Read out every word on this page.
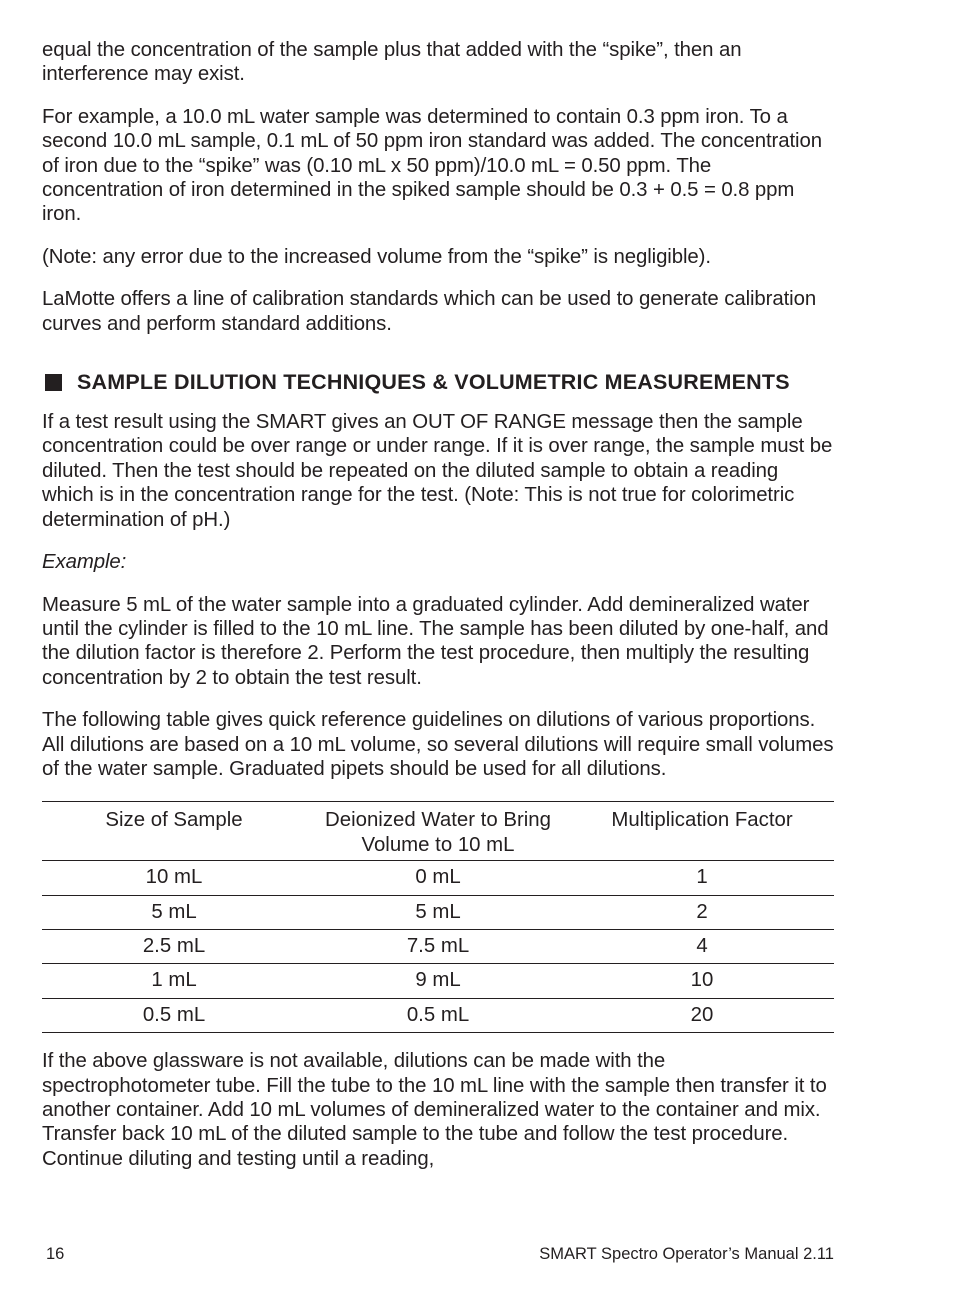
equal the concentration of the sample plus that added with the “spike”, then an interference may exist.

For example, a 10.0 mL water sample was determined to contain 0.3 ppm iron. To a second 10.0 mL sample, 0.1 mL of 50 ppm iron standard was added. The concentration of iron due to the “spike” was (0.10 mL x 50 ppm)/10.0 mL = 0.50 ppm. The concentration of iron determined in the spiked sample should be 0.3 + 0.5 = 0.8 ppm iron.

(Note: any error due to the increased volume from the “spike” is negligible).

LaMotte offers a line of calibration standards which can be used to generate calibration curves and perform standard additions.

SAMPLE DILUTION TECHNIQUES & VOLUMETRIC MEASUREMENTS

If a test result using the SMART gives an OUT OF RANGE message then the sample concentration could be over range or under range. If it is over range, the sample must be diluted. Then the test should be repeated on the diluted sample to obtain a reading which is in the concentration range for the test. (Note: This is not true for colorimetric determination of pH.)

Example:

Measure 5 mL of the water sample into a graduated cylinder. Add demineralized water until the cylinder is filled to the 10 mL line. The sample has been diluted by one-half, and the dilution factor is therefore 2. Perform the test procedure, then multiply the resulting concentration by 2 to obtain the test result.

The following table gives quick reference guidelines on dilutions of various proportions. All dilutions are based on a 10 mL volume, so several dilutions will require small volumes of the water sample. Graduated pipets should be used for all dilutions.

Size of Sample	Deionized Water to Bring Volume to 10 mL	Multiplication Factor
10 mL	0 mL	1
5 mL	5 mL	2
2.5 mL	7.5 mL	4
1 mL	9 mL	10
0.5 mL	0.5 mL	20

If the above glassware is not available, dilutions can be made with the spectrophotometer tube. Fill the tube to the 10 mL line with the sample then transfer it to another container. Add 10 mL volumes of demineralized water to the container and mix. Transfer back 10 mL of the diluted sample to the tube and follow the test procedure. Continue diluting and testing until a reading,

16	SMART Spectro Operator’s Manual 2.11
